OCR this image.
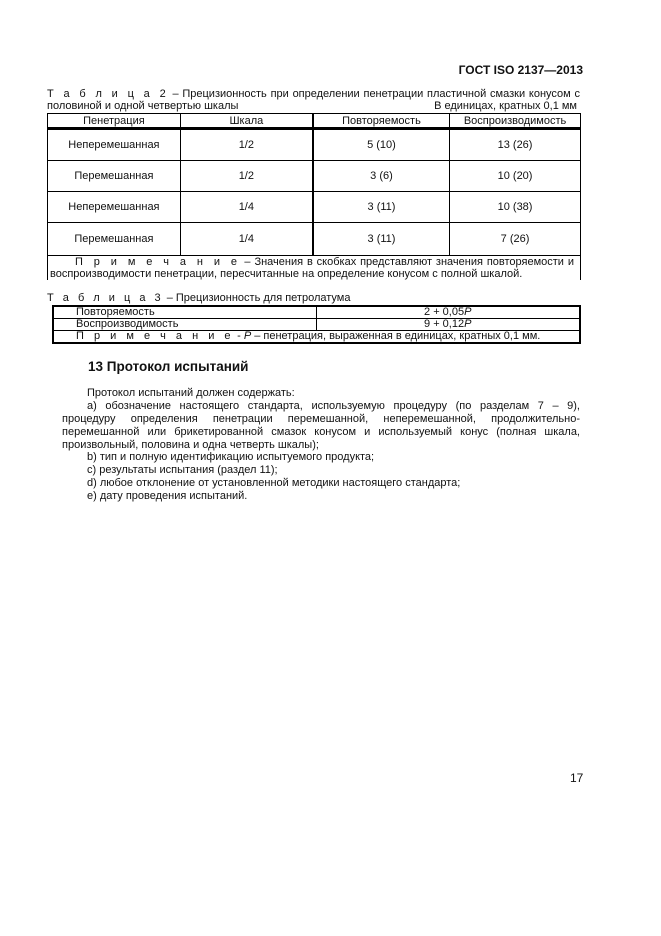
ГОСТ ISO 2137—2013
Т а б л и ц а 2 – Прецизионность при определении пенетрации пластичной смазки конусом с
половиной и одной четвертью шкалы	В единицах, кратных 0,1 мм
Пенетрация	Шкала	Повторяемость	Воспроизводимость
Неперемешанная	1/2	5 (10)	13 (26)
Перемешанная	1/2	3 (6)	10 (20)
Неперемешанная	1/4	3 (11)	10 (38)
Перемешанная	1/4	3 (11)	7 (26)
П р и м е ч а н и е – Значения в скобках представляют значения повторяемости и воспроизводимости пенетрации, пересчитанные на определение конусом с полной шкалой.			
Т а б л и ц а 3 – Прецизионность для петролатума
Повторяемость	2 + 0,05P
Воспроизводимость	9 + 0,12P
П р и м е ч а н и е - P – пенетрация, выраженная в единицах, кратных 0,1 мм.	
13 Протокол испытаний
Протокол испытаний должен содержать:
a) обозначение настоящего стандарта, используемую процедуру (по разделам 7 – 9), процедуру определения пенетрации перемешанной, неперемешанной, продолжительно-перемешанной или брикетированной смазок конусом и используемый конус (полная шкала, произвольный, половина и одна четверть шкалы);
b) тип и полную идентификацию испытуемого продукта;
c) результаты испытания (раздел 11);
d) любое отклонение от установленной методики настоящего стандарта;
e) дату проведения испытаний.
17
